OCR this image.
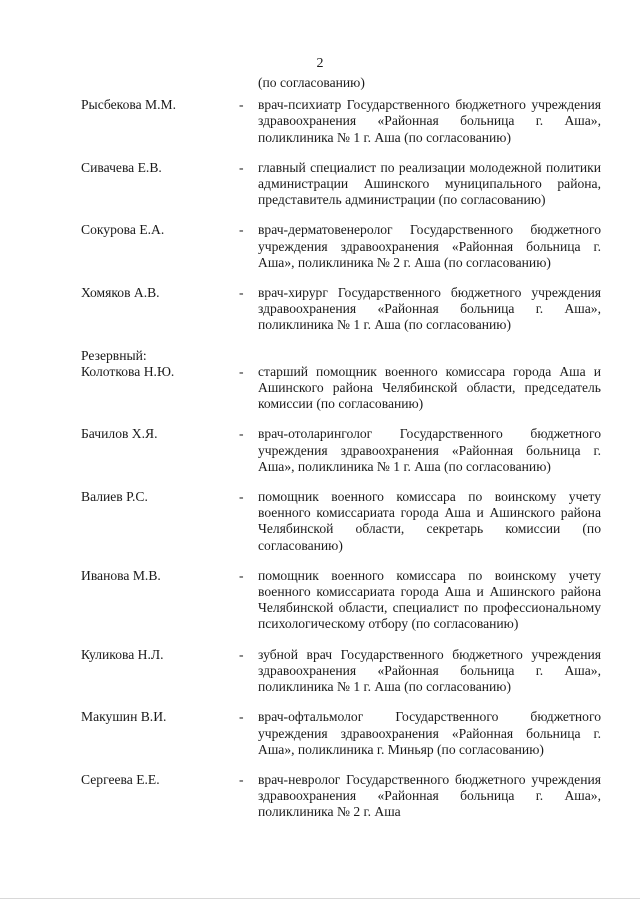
2
(по согласованию)
Рысбекова М.М.	-	врач-психиатр Государственного бюджетного учреждения здравоохранения «Районная больница г. Аша», поликлиника № 1 г. Аша (по согласованию)
Сивачева Е.В.	-	главный специалист по реализации молодежной политики администрации Ашинского муниципального района, представитель администрации (по согласованию)
Сокурова Е.А.	-	врач-дерматовенеролог Государственного бюджетного учреждения здравоохранения «Районная больница г. Аша», поликлиника № 2 г. Аша (по согласованию)
Хомяков А.В.	-	врач-хирург Государственного бюджетного учреждения здравоохранения «Районная больница г. Аша», поликлиника № 1 г. Аша (по согласованию)
Резервный:
Колоткова Н.Ю.	-	старший помощник военного комиссара города Аша и Ашинского района Челябинской области, председатель комиссии (по согласованию)
Бачилов Х.Я.	-	врач-отоларинголог Государственного бюджетного учреждения здравоохранения «Районная больница г. Аша», поликлиника № 1 г. Аша (по согласованию)
Валиев Р.С.	-	помощник военного комиссара по воинскому учету военного комиссариата города Аша и Ашинского района Челябинской области, секретарь комиссии (по согласованию)
Иванова М.В.	-	помощник военного комиссара по воинскому учету военного комиссариата города Аша и Ашинского района Челябинской области, специалист по профессиональному психологическому отбору (по согласованию)
Куликова Н.Л.	-	зубной врач Государственного бюджетного учреждения здравоохранения «Районная больница г. Аша», поликлиника № 1 г. Аша (по согласованию)
Макушин В.И.	-	врач-офтальмолог Государственного бюджетного учреждения здравоохранения «Районная больница г. Аша», поликлиника г. Миньяр (по согласованию)
Сергеева Е.Е.	-	врач-невролог Государственного бюджетного учреждения здравоохранения «Районная больница г. Аша», поликлиника № 2 г. Аша
